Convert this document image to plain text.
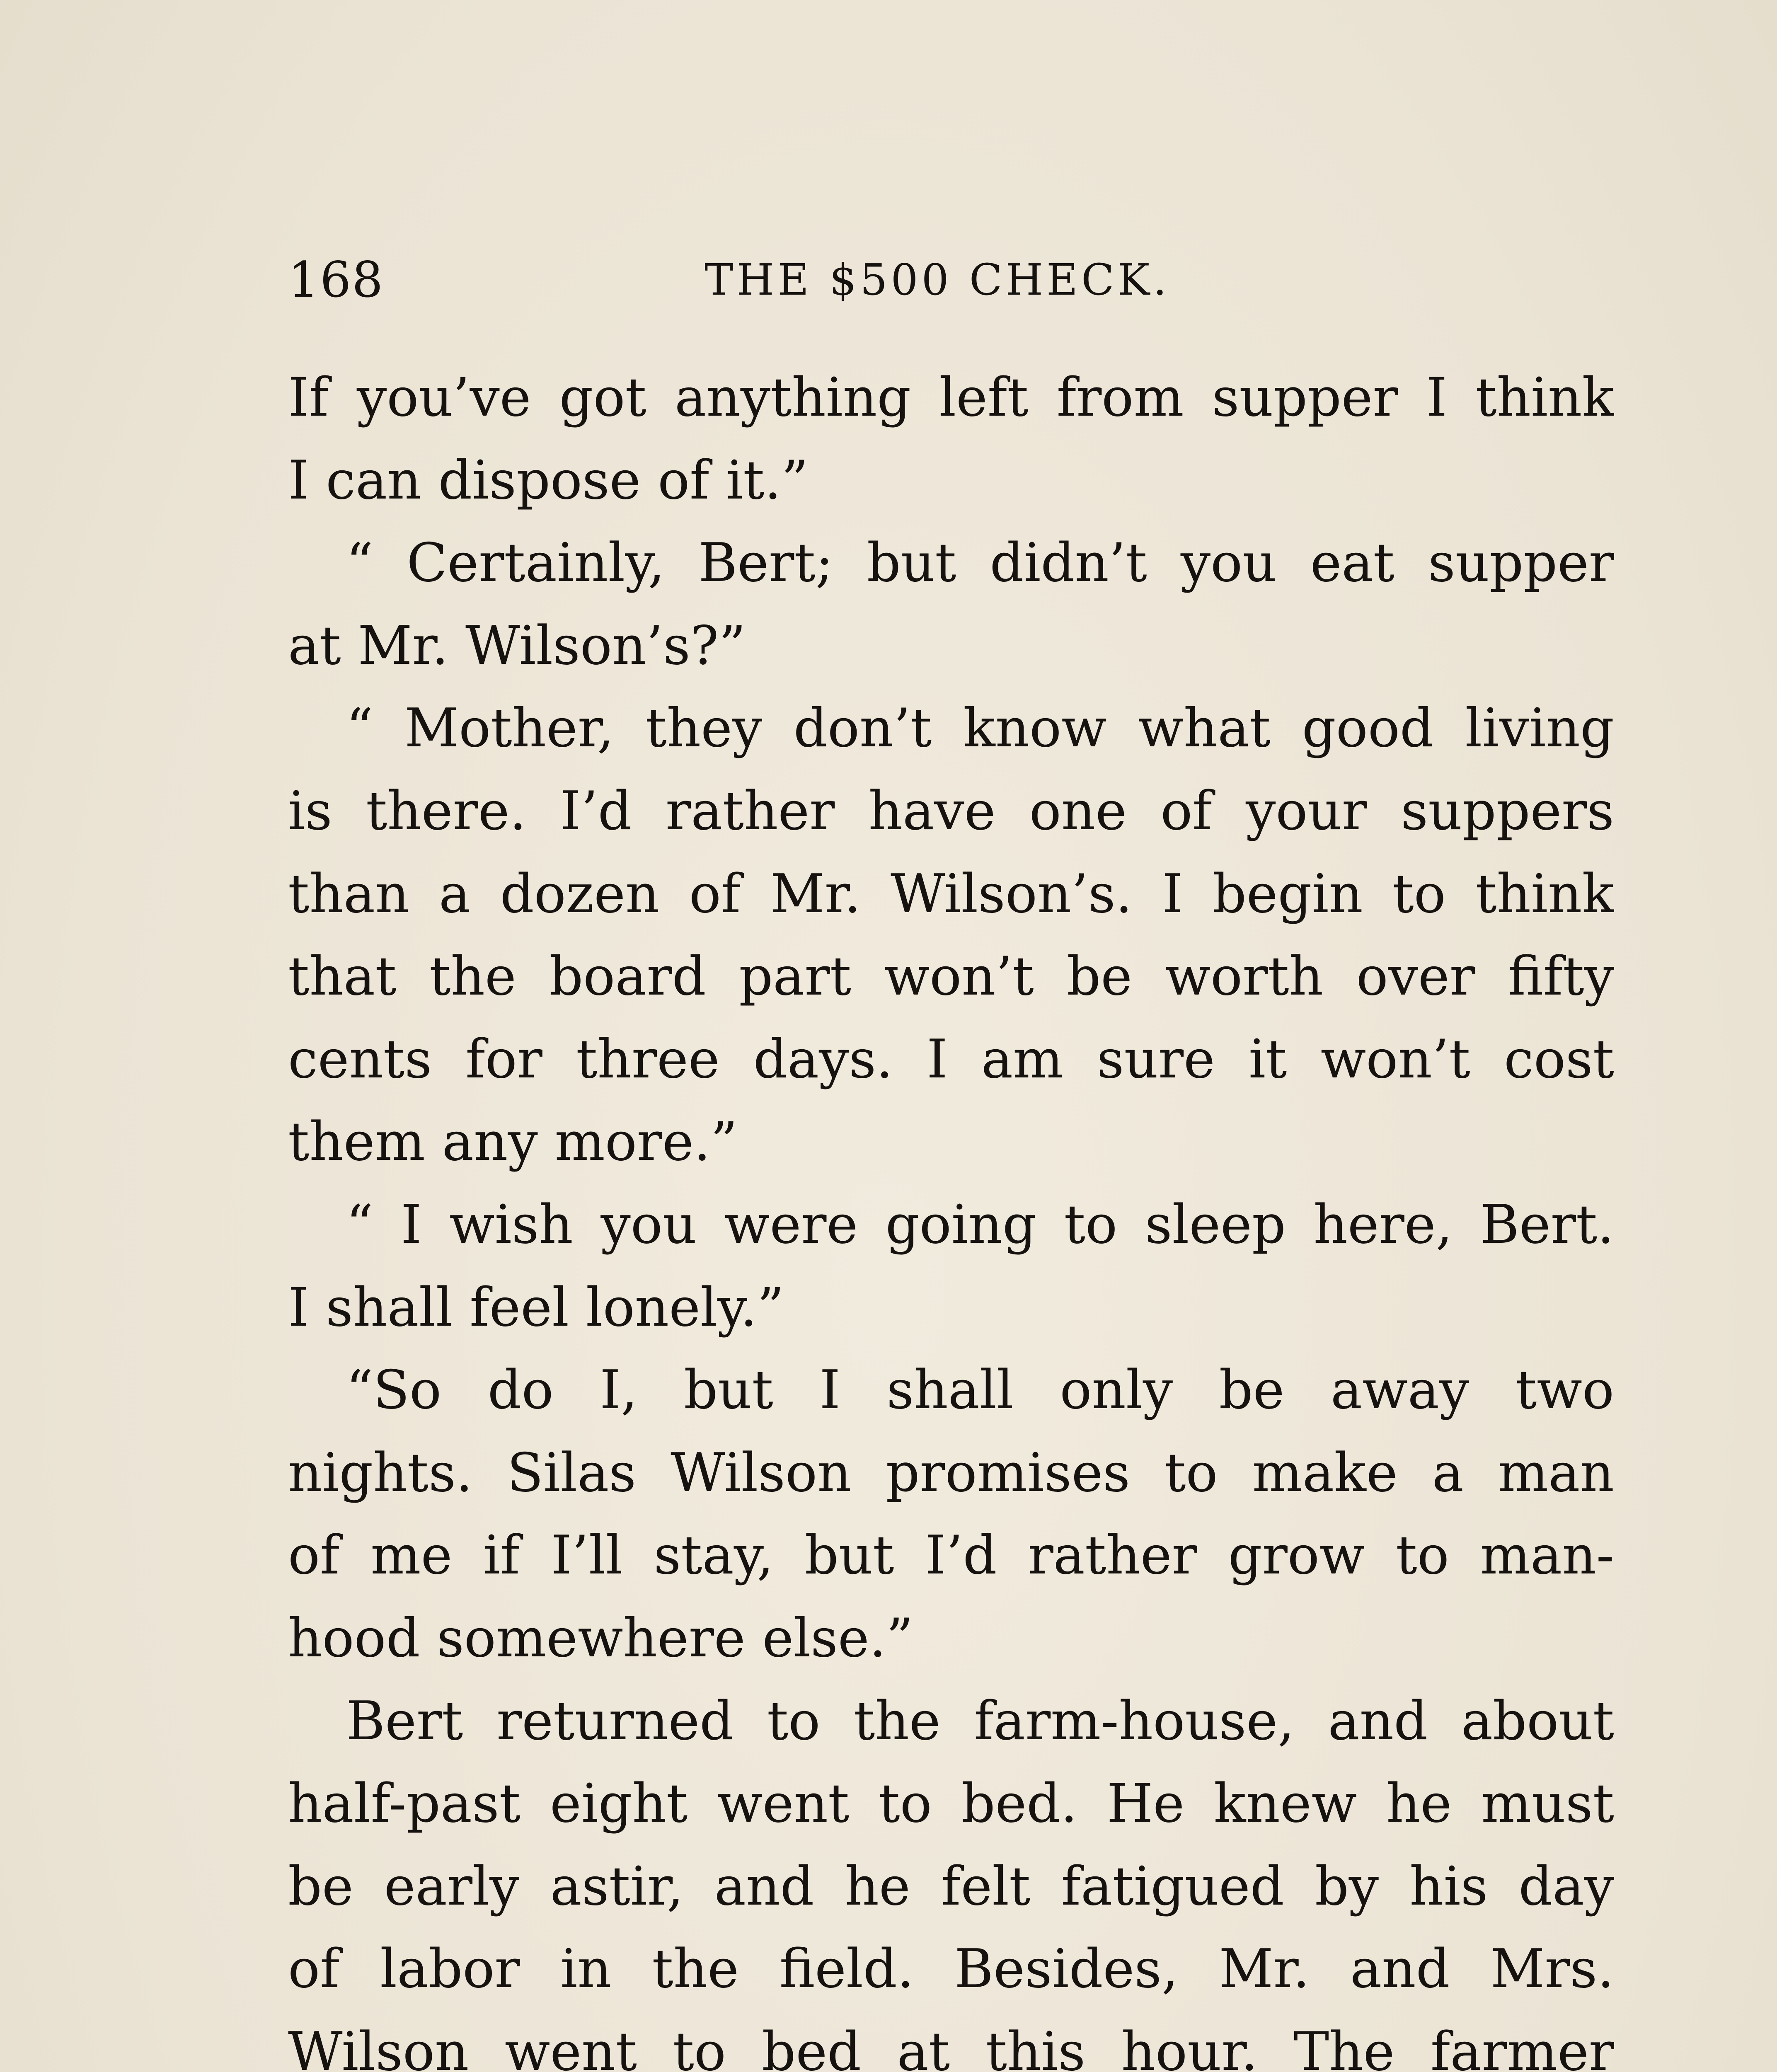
168	THE $500 CHECK.
If you’ve got anything left from supper I think
I can dispose of it.”
“ Certainly, Bert; but didn’t you eat supper
at Mr. Wilson’s?”
“ Mother, they don’t know what good living
is there. I’d rather have one of your suppers
than a dozen of Mr. Wilson’s. I begin to think
that the board part won’t be worth over fifty
cents for three days. I am sure it won’t cost
them any more.”
“ I wish you were going to sleep here, Bert.
I shall feel lonely.”
“So do I, but I shall only be away two
nights. Silas Wilson promises to make a man
of me if I’ll stay, but I’d rather grow to man-
hood somewhere else.”
Bert returned to the farm-house, and about
half-past eight went to bed. He knew he must
be early astir, and he felt fatigued by his day
of labor in the field. Besides, Mr. and Mrs.
Wilson went to bed at this hour. The farmer
